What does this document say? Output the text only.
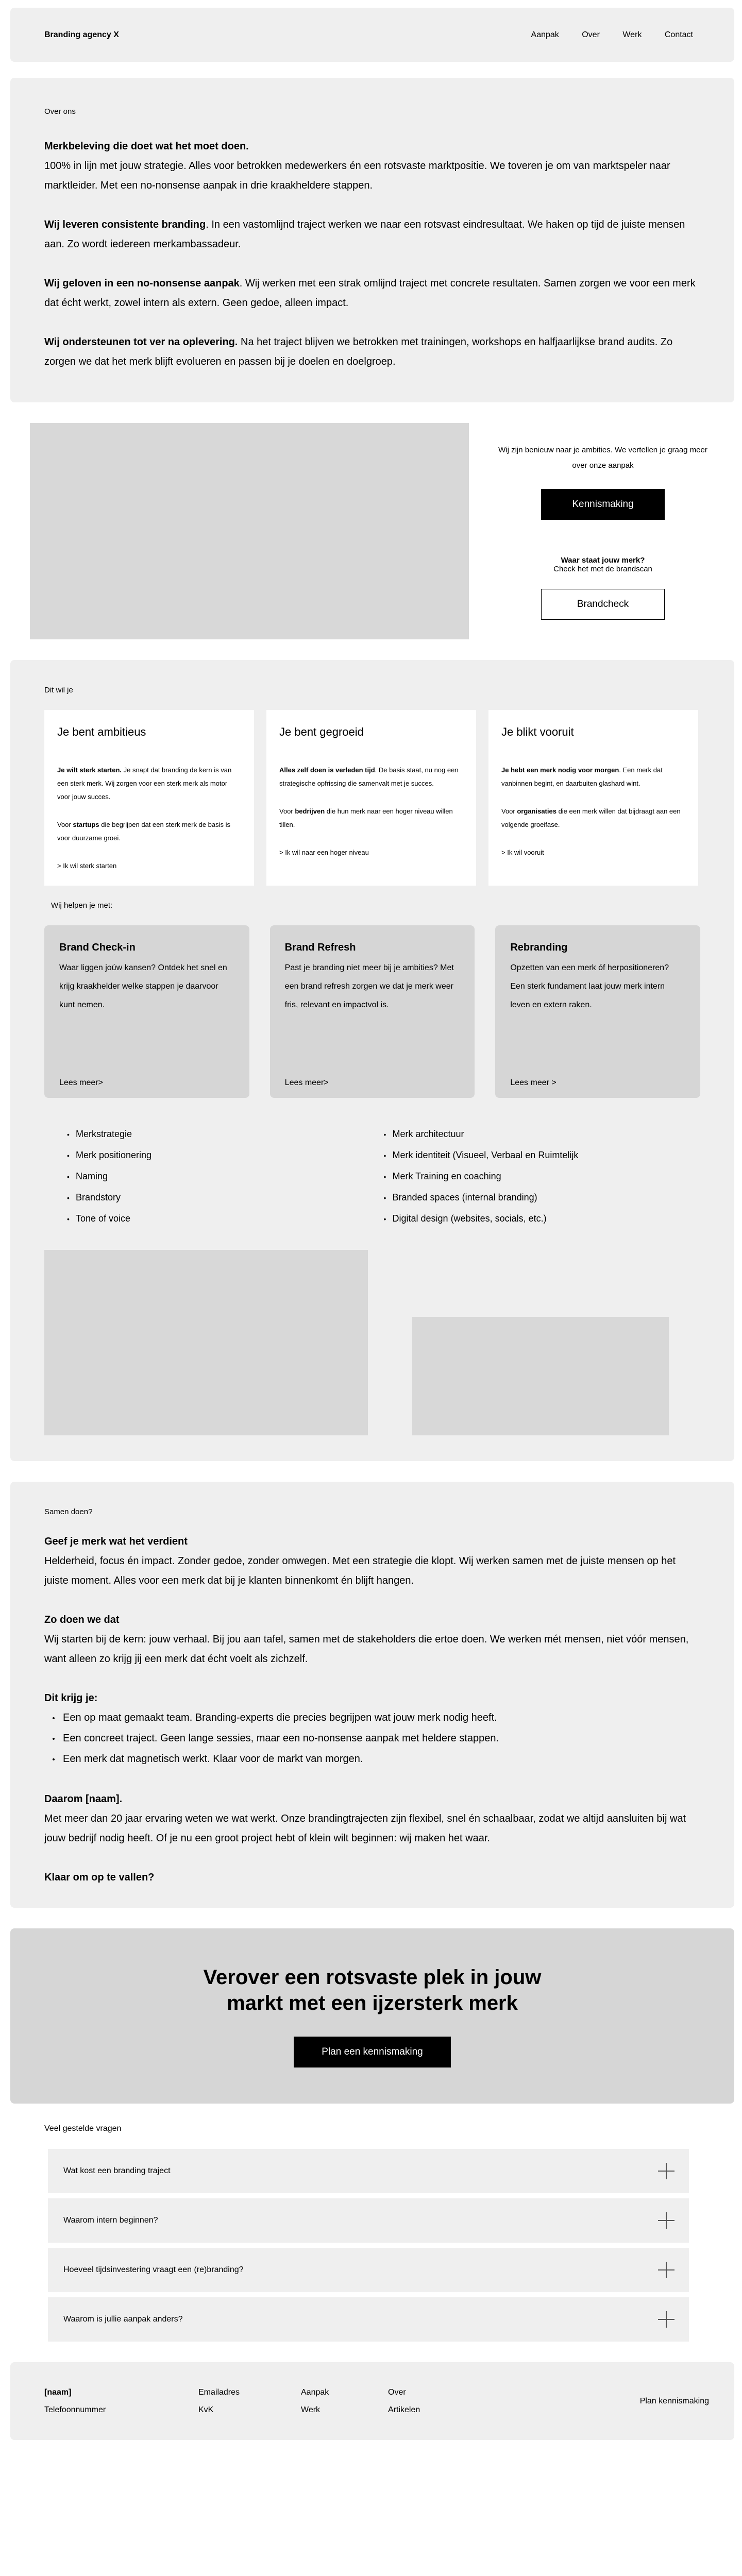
Branding agency X	Aanpak	Over	Werk	Contact
Over ons

Merkbeleving die doet wat het moet doen.
100% in lijn met jouw strategie. Alles voor betrokken medewerkers én een rotsvaste marktpositie. We toveren je om van marktspeler naar marktleider. Met een no-nonsense aanpak in drie kraakheldere stappen.

Wij leveren consistente branding. In een vastomlijnd traject werken we naar een rotsvast eindresultaat. We haken op tijd de juiste mensen aan. Zo wordt iedereen merkambassadeur.

Wij geloven in een no-nonsense aanpak. Wij werken met een strak omlijnd traject met concrete resultaten. Samen zorgen we voor een merk dat écht werkt, zowel intern als extern. Geen gedoe, alleen impact.

Wij ondersteunen tot ver na oplevering. Na het traject blijven we betrokken met trainingen, workshops en halfjaarlijkse brand audits. Zo zorgen we dat het merk blijft evolueren en passen bij je doelen en doelgroep.

Wij zijn benieuw naar je ambities. We vertellen je graag meer over onze aanpak
Kennismaking
Waar staat jouw merk?
Check het met de brandscan
Brandcheck
Dit wil je
Je bent ambitieus

Je wilt sterk starten. Je snapt dat branding de kern is van een sterk merk. Wij zorgen voor een sterk merk als motor voor jouw succes.

Voor startups die begrijpen dat een sterk merk de basis is voor duurzame groei.

> Ik wil sterk starten
Je bent gegroeid

Alles zelf doen is verleden tijd. De basis staat, nu nog een strategische opfrissing die samenvalt met je succes.

Voor bedrijven die hun merk naar een hoger niveau willen tillen.

> Ik wil naar een hoger niveau
Je blikt vooruit

Je hebt een merk nodig voor morgen. Een merk dat vanbinnen begint, en daarbuiten glashard wint.

Voor organisaties die een merk willen dat bijdraagt aan een volgende groeifase.

> Ik wil vooruit
Wij helpen je met:
Brand Check-in
Waar liggen joúw kansen? Ontdek het snel en krijg kraakhelder welke stappen je daarvoor kunt nemen.
Lees meer>
Brand Refresh
Past je branding niet meer bij je ambities? Met een brand refresh zorgen we dat je merk weer fris, relevant en impactvol is.
Lees meer>
Rebranding
Opzetten van een merk óf herpositioneren? Een sterk fundament laat jouw merk intern leven en extern raken.
Lees meer >
• Merkstrategie
• Merk positionering
• Naming
• Brandstory
• Tone of voice
• Merk architectuur
• Merk identiteit (Visueel, Verbaal en Ruimtelijk
• Merk Training en coaching
• Branded spaces (internal branding)
• Digital design (websites, socials, etc.)
Samen doen?

Geef je merk wat het verdient
Helderheid, focus én impact. Zonder gedoe, zonder omwegen. Met een strategie die klopt. Wij werken samen met de juiste mensen op het juiste moment. Alles voor een merk dat bij je klanten binnenkomt én blijft hangen.

Zo doen we dat
Wij starten bij de kern: jouw verhaal. Bij jou aan tafel, samen met de stakeholders die ertoe doen. We werken mét mensen, niet vóór mensen, want alleen zo krijg jij een merk dat écht voelt als zichzelf.

Dit krijg je:
• Een op maat gemaakt team. Branding-experts die precies begrijpen wat jouw merk nodig heeft.
• Een concreet traject. Geen lange sessies, maar een no-nonsense aanpak met heldere stappen.
• Een merk dat magnetisch werkt. Klaar voor de markt van morgen.

Daarom [naam].
Met meer dan 20 jaar ervaring weten we wat werkt. Onze brandingtrajecten zijn flexibel, snel én schaalbaar, zodat we altijd aansluiten bij wat jouw bedrijf nodig heeft. Of je nu een groot project hebt of klein wilt beginnen: wij maken het waar.

Klaar om op te vallen?

Verover een rotsvaste plek in jouw markt met een ijzersterk merk
Plan een kennismaking
Veel gestelde vragen
Wat kost een branding traject
Waarom intern beginnen?
Hoeveel tijdsinvestering vraagt een (re)branding?
Waarom is jullie aanpak anders?
[naam]
Telefoonnummer
Emailadres
KvK
Aanpak
Werk
Over
Artikelen
Plan kennismaking
